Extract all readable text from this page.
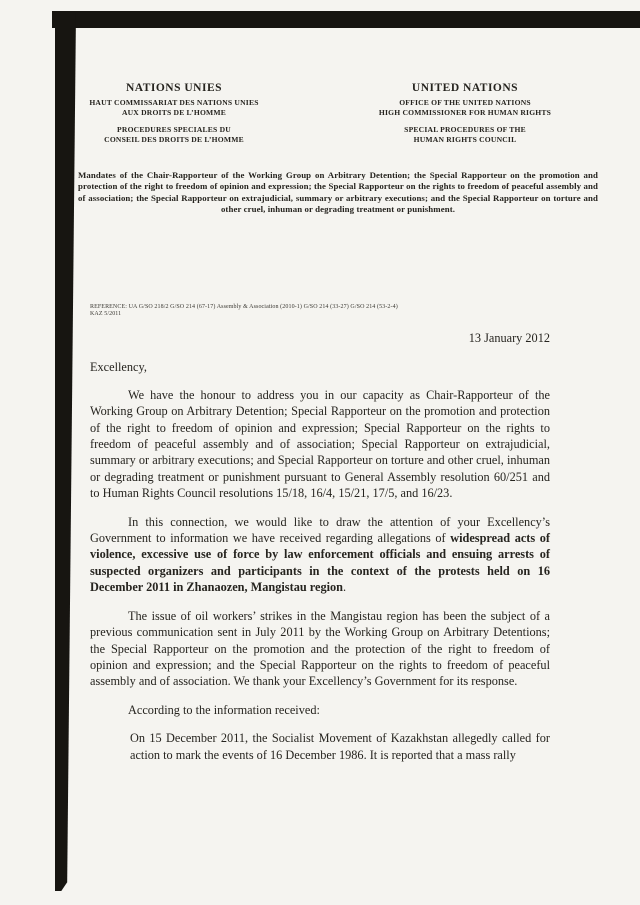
NATIONS UNIES
HAUT COMMISSARIAT DES NATIONS UNIES
AUX DROITS DE L’HOMME
PROCEDURES SPECIALES DU
CONSEIL DES DROITS DE L’HOMME
UNITED NATIONS
OFFICE OF THE UNITED NATIONS
HIGH COMMISSIONER FOR HUMAN RIGHTS
SPECIAL PROCEDURES OF THE
HUMAN RIGHTS COUNCIL

Mandates of the Chair-Rapporteur of the Working Group on Arbitrary Detention; the Special Rapporteur on the promotion and protection of the right to freedom of opinion and expression; the Special Rapporteur on the rights to freedom of peaceful assembly and of association; the Special Rapporteur on extrajudicial, summary or arbitrary executions; and the Special Rapporteur on torture and other cruel, inhuman or degrading treatment or punishment.

REFERENCE: UA G/SO 218/2 G/SO 214 (67-17) Assembly & Association (2010-1) G/SO 214 (33-27) G/SO 214 (53-2-4)
KAZ 5/2011
13 January 2012

Excellency,

We have the honour to address you in our capacity as Chair-Rapporteur of the Working Group on Arbitrary Detention; Special Rapporteur on the promotion and protection of the right to freedom of opinion and expression; Special Rapporteur on the rights to freedom of peaceful assembly and of association; Special Rapporteur on extrajudicial, summary or arbitrary executions; and Special Rapporteur on torture and other cruel, inhuman or degrading treatment or punishment pursuant to General Assembly resolution 60/251 and to Human Rights Council resolutions 15/18, 16/4, 15/21, 17/5, and 16/23.

In this connection, we would like to draw the attention of your Excellency’s Government to information we have received regarding allegations of widespread acts of violence, excessive use of force by law enforcement officials and ensuing arrests of suspected organizers and participants in the context of the protests held on 16 December 2011 in Zhanaozen, Mangistau region.

The issue of oil workers’ strikes in the Mangistau region has been the subject of a previous communication sent in July 2011 by the Working Group on Arbitrary Detentions; the Special Rapporteur on the promotion and the protection of the right to freedom of opinion and expression; and the Special Rapporteur on the rights to freedom of peaceful assembly and of association. We thank your Excellency’s Government for its response.

According to the information received:

On 15 December 2011, the Socialist Movement of Kazakhstan allegedly called for action to mark the events of 16 December 1986. It is reported that a mass rally
